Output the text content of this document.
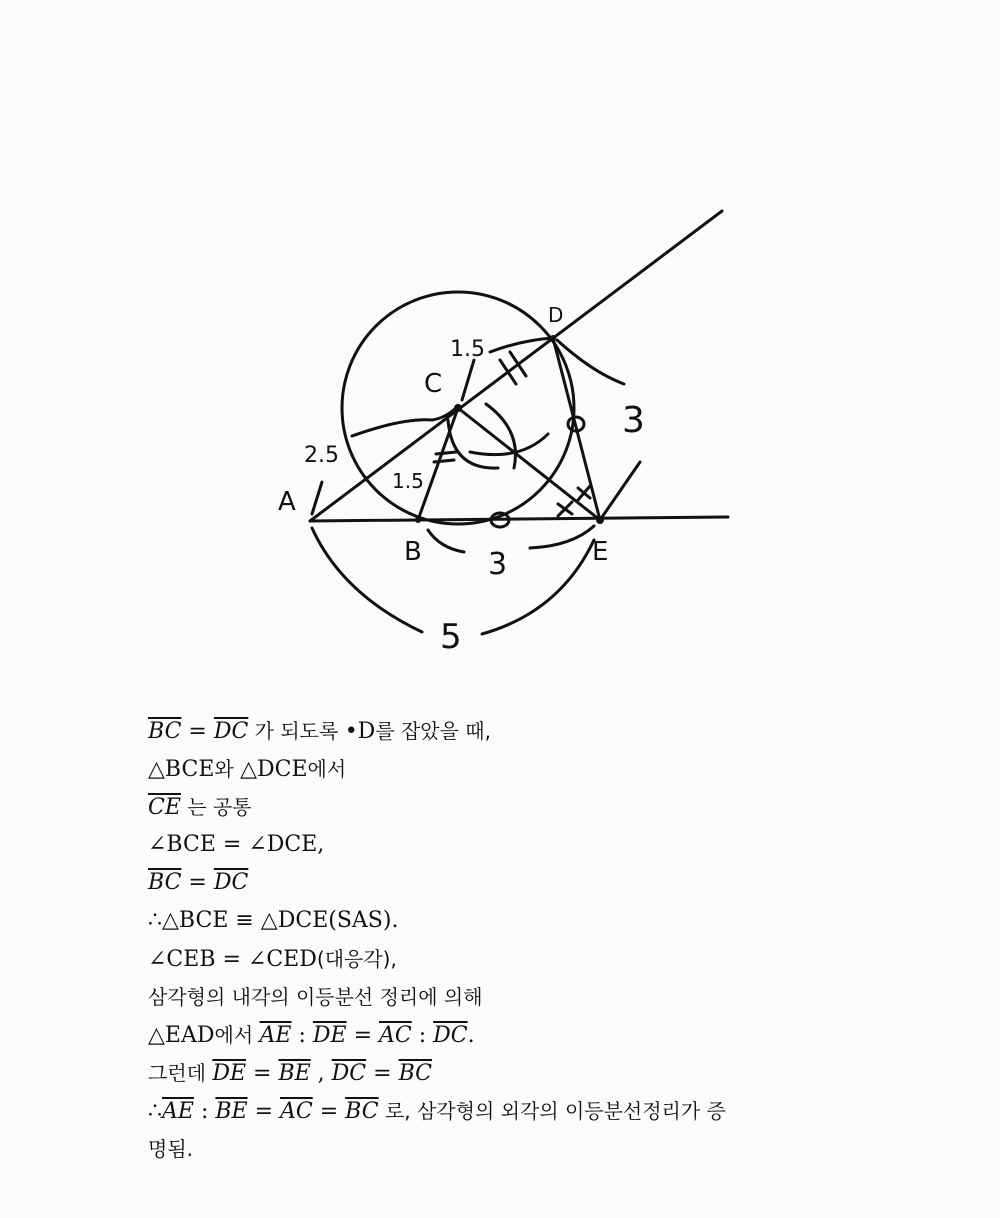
A
B
C
D
E
2.5
1.5
1.5
5
3
3
$\overline{BC} = \overline{DC}$ 가 되도록 •D를 잡았을 때,
△BCE와 △DCE에서
$\overline{CE}$ 는 공통
∠BCE = ∠DCE,
$\overline{BC} = \overline{DC}$
∴△BCE ≡ △DCE(SAS).
∠CEB = ∠CED(대응각),
삼각형의 내각의 이등분선 정리에 의해
△EAD에서 $\overline{AE}$ : $\overline{DE} = \overline{AC}$ : $\overline{DC}$.
그런데 $\overline{DE} = \overline{BE}$ , $\overline{DC} = \overline{BC}$
$\therefore\overline{AE}$ : $\overline{BE} = \overline{AC} = \overline{BC}$ 로, 삼각형의 외각의 이등분선정리가 증
명됨.
